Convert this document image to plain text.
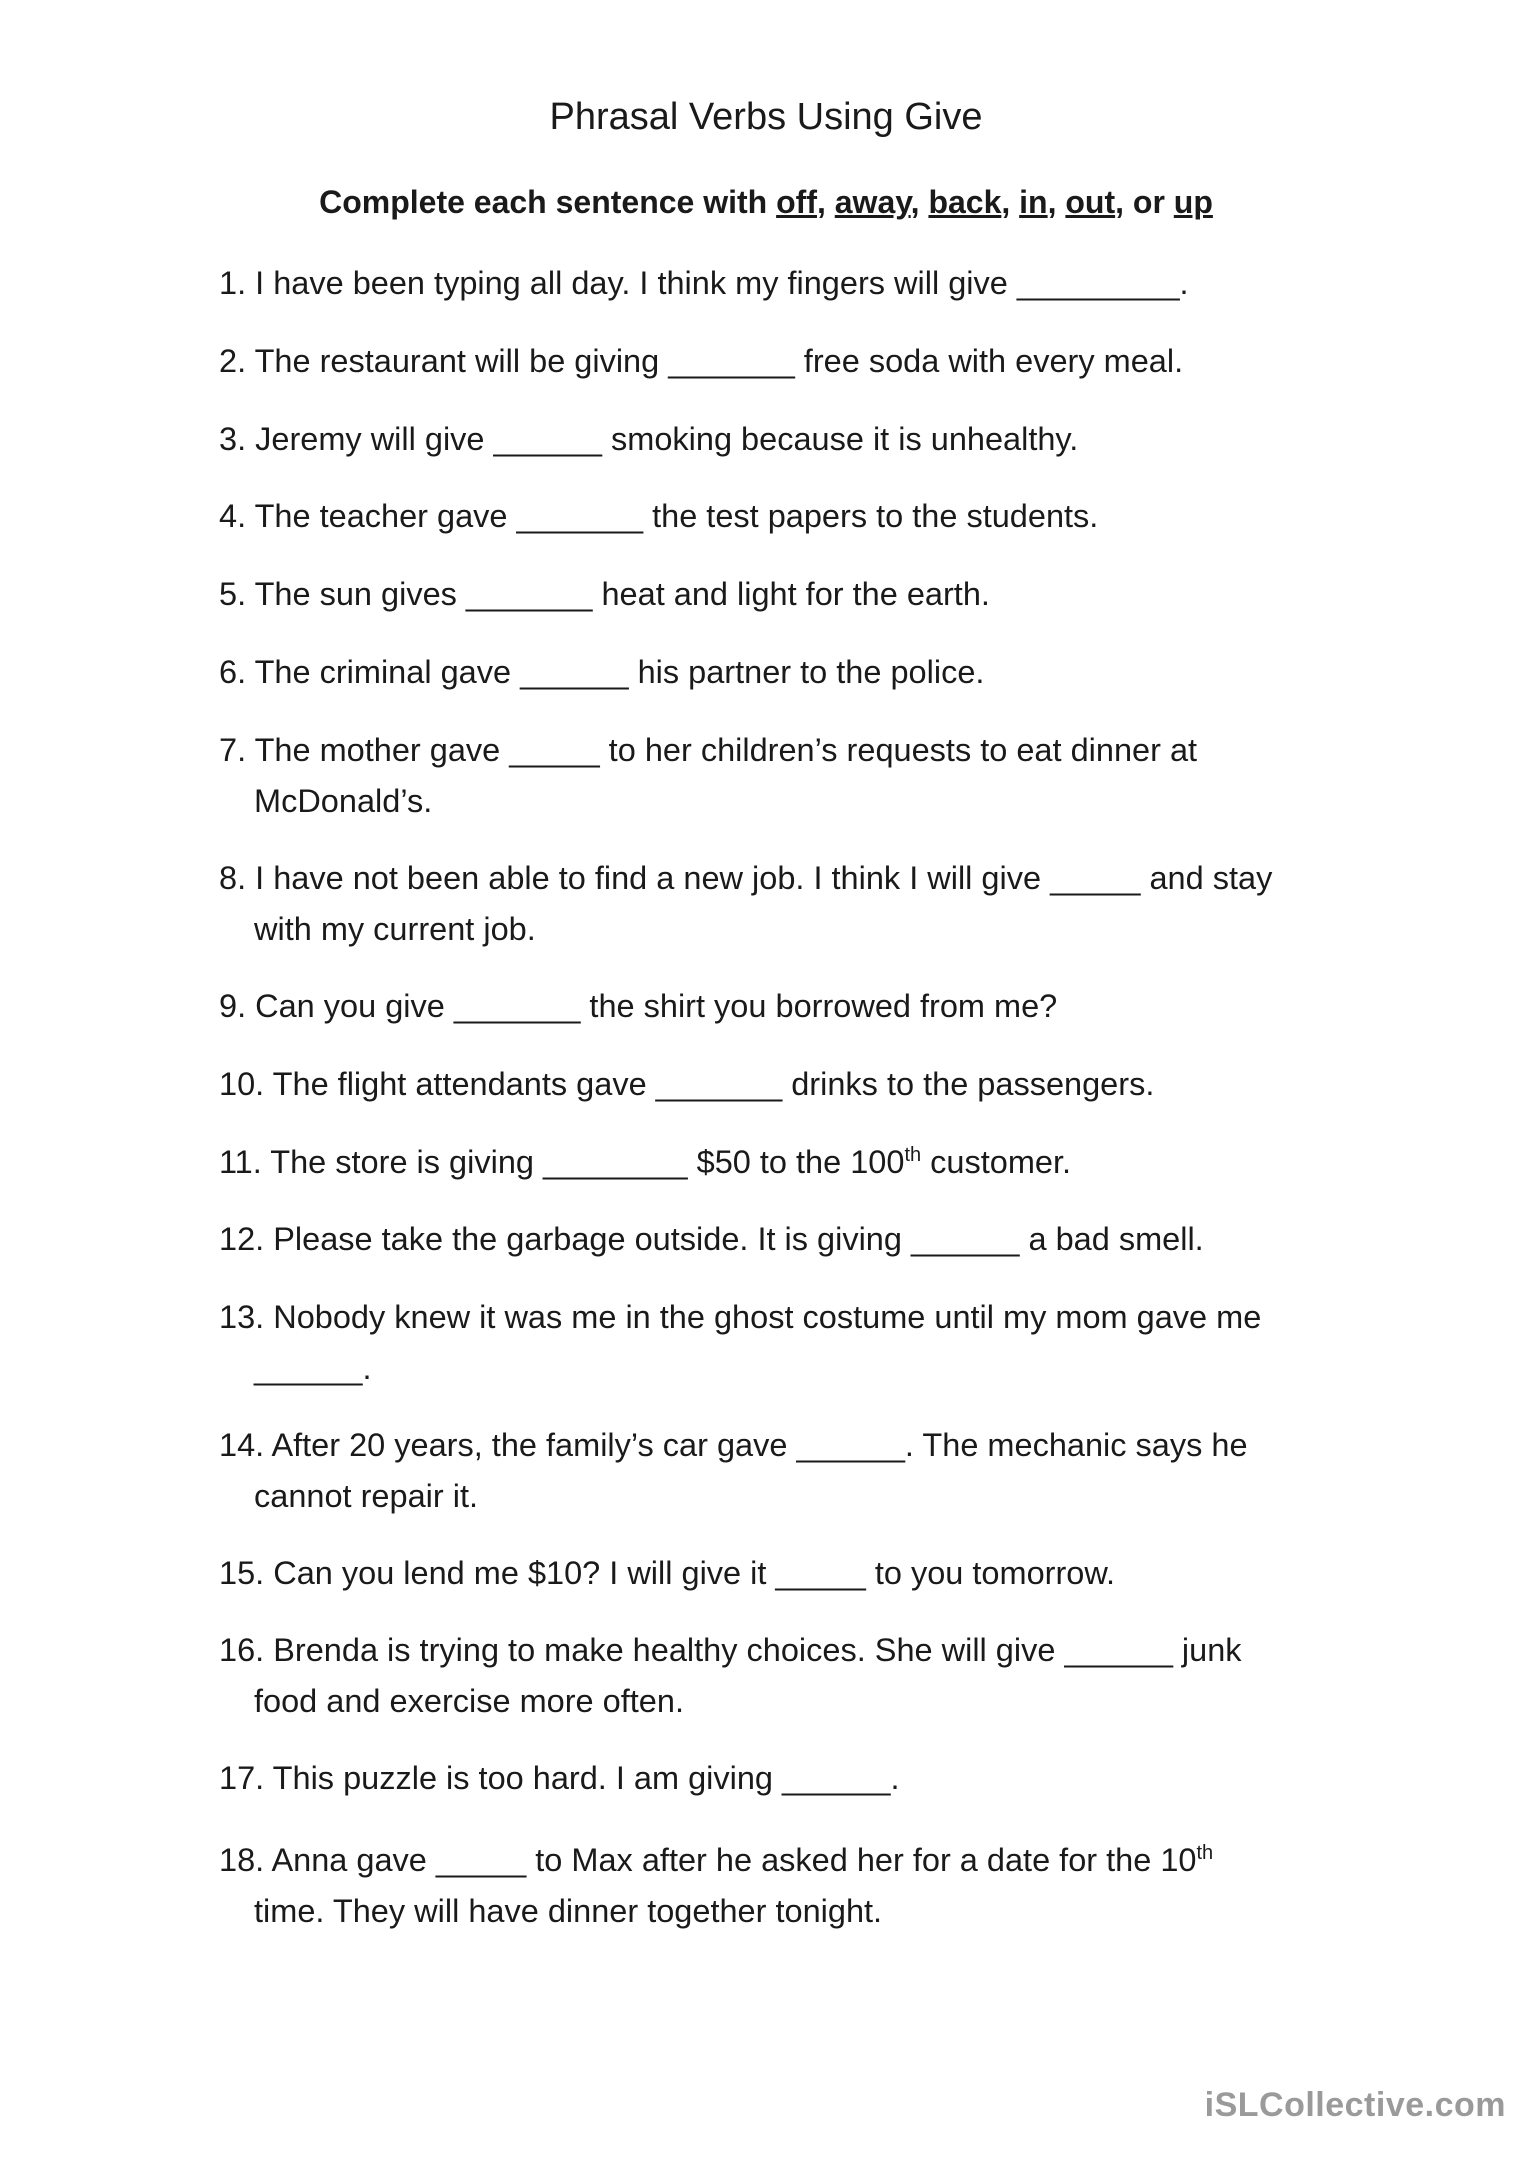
Phrasal Verbs Using Give
Complete each sentence with off, away, back, in, out, or up
1. I have been typing all day. I think my fingers will give _________.
2. The restaurant will be giving _______ free soda with every meal.
3. Jeremy will give ______ smoking because it is unhealthy.
4. The teacher gave _______ the test papers to the students.
5. The sun gives _______ heat and light for the earth.
6. The criminal gave ______ his partner to the police.
7. The mother gave _____ to her children’s requests to eat dinner at
McDonald’s.
8. I have not been able to find a new job. I think I will give _____ and stay
with my current job.
9. Can you give _______ the shirt you borrowed from me?
10. The flight attendants gave _______ drinks to the passengers.
11. The store is giving ________ $50 to the 100th customer.
12. Please take the garbage outside. It is giving ______ a bad smell.
13. Nobody knew it was me in the ghost costume until my mom gave me
______.
14. After 20 years, the family’s car gave ______. The mechanic says he
cannot repair it.
15. Can you lend me $10? I will give it _____ to you tomorrow.
16. Brenda is trying to make healthy choices. She will give ______ junk
food and exercise more often.
17. This puzzle is too hard. I am giving ______.
18. Anna gave _____ to Max after he asked her for a date for the 10th
time. They will have dinner together tonight.
iSLCollective.com
